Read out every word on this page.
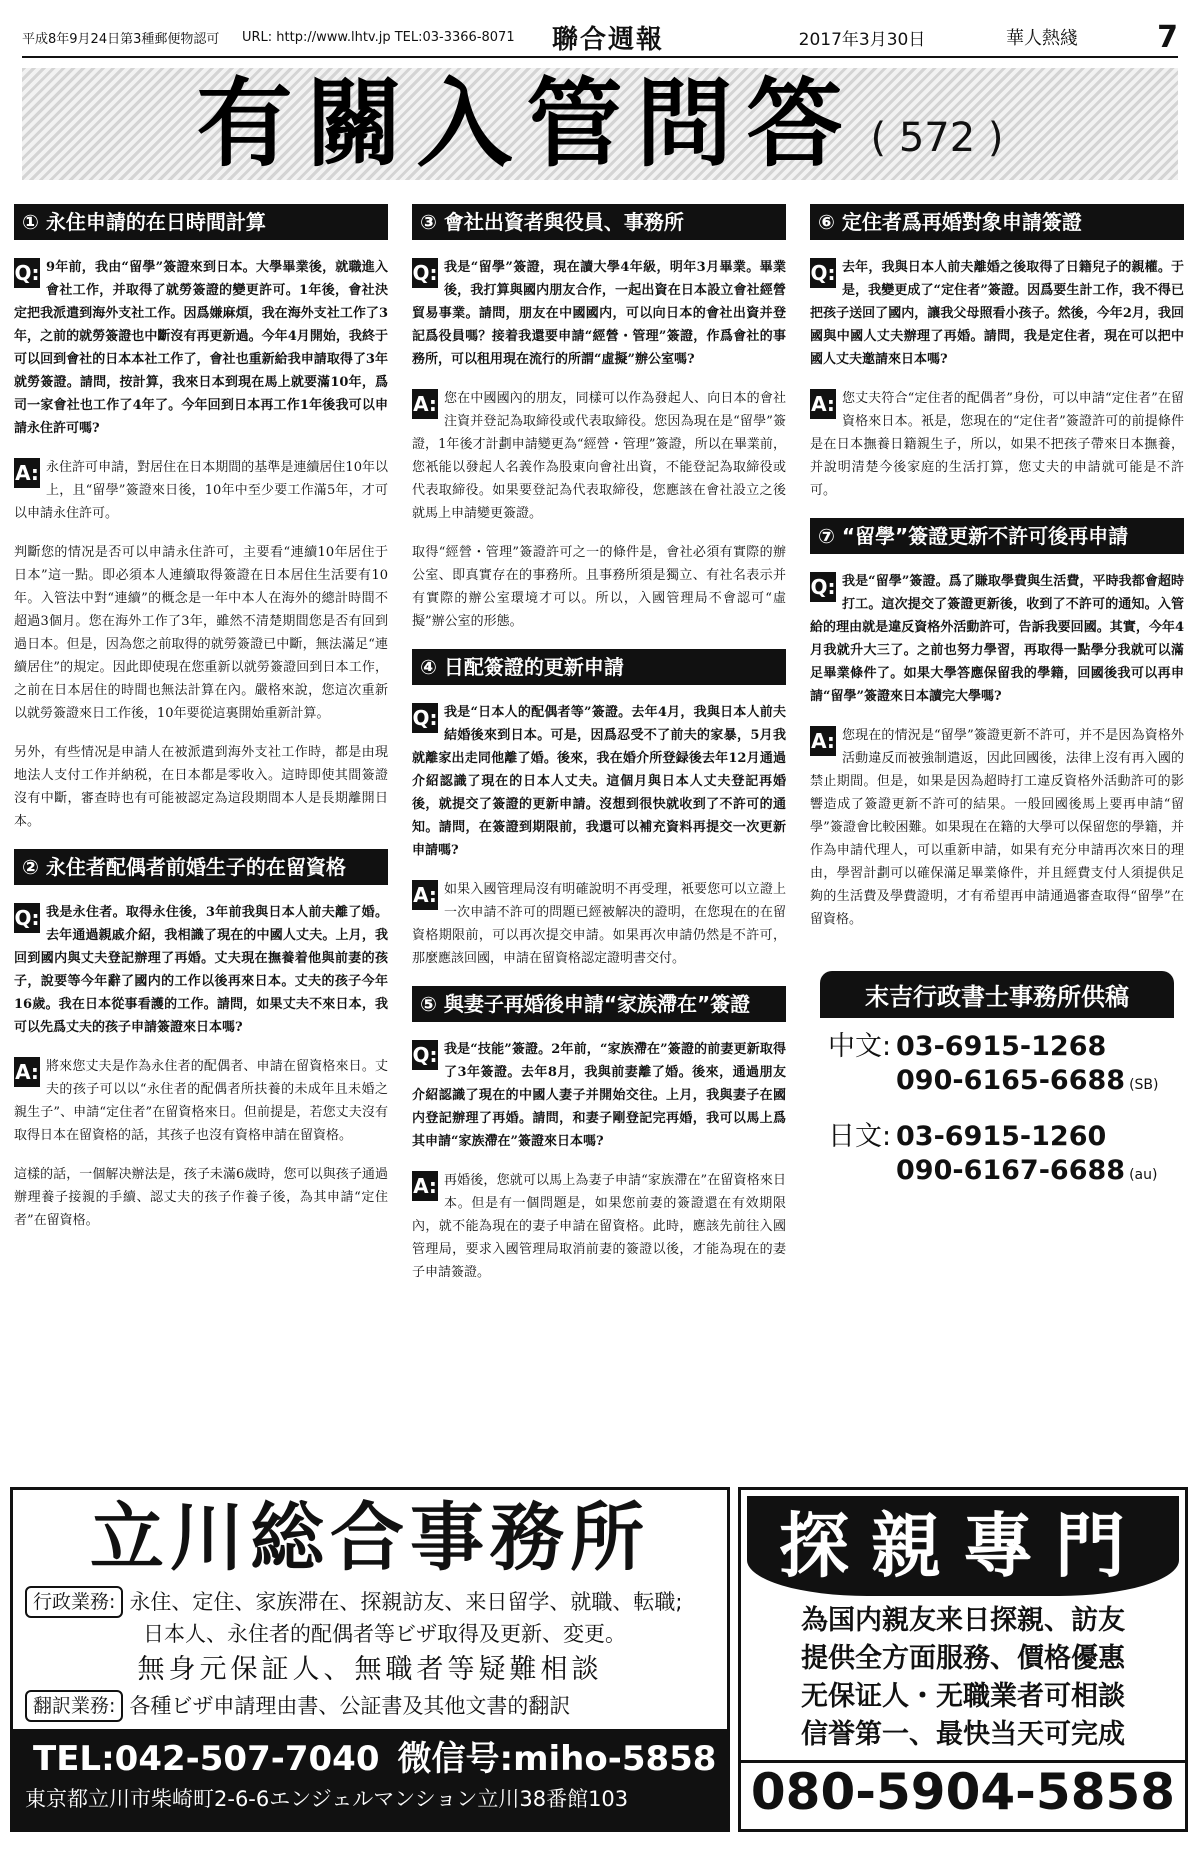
平成8年9月24日第3種郵便物認可	URL: http://www.lhtv.jp TEL:03-3366-8071	聯合週報	2017年3月30日	華人熱綫	7
有關入管問答 ( 572 )
① 永住申請的在日時間計算
Q: 9年前，我由“留學”簽證來到日本。大學畢業後，就職進入會社工作，并取得了就勞簽證的變更許可。1年後，會社決定把我派遣到海外支社工作。因爲嫌麻煩，我在海外支社工作了3年，之前的就勞簽證也中斷沒有再更新過。今年4月開始，我終于可以回到會社的日本本社工作了，會社也重新給我申請取得了3年就勞簽證。請問，按計算，我來日本到現在馬上就要滿10年，爲司一家會社也工作了4年了。今年回到日本再工作1年後我可以申請永住許可嗎?
A: 永住許可申請，對居住在日本期間的基準是連續居住10年以上，且“留學”簽證來日後，10年中至少要工作滿5年，才可以申請永住許可。
判斷您的情况是否可以申請永住許可，主要看“連續10年居住于日本”這一點。即必須本人連續取得簽證在日本居住生活要有10年。入管法中對“連續”的概念是一年中本人在海外的總計時間不超過3個月。您在海外工作了3年，雖然不清楚期間您是否有回到過日本。但是，因為您之前取得的就勞簽證已中斷，無法滿足“連續居住”的規定。因此即使現在您重新以就勞簽證回到日本工作，之前在日本居住的時間也無法計算在內。嚴格來說，您這次重新以就勞簽證來日工作後，10年要從這裏開始重新計算。
另外，有些情况是申請人在被派遣到海外支社工作時，都是由現地法人支付工作并納税，在日本都是零收入。這時即使其間簽證沒有中斷，審查時也有可能被認定為這段期間本人是長期離開日本。
② 永住者配偶者前婚生子的在留資格
Q: 我是永住者。取得永住後，3年前我與日本人前夫離了婚。去年通過親戚介紹，我相識了現在的中國人丈夫。上月，我回到國内與丈夫登記辦理了再婚。丈夫現在撫養着他與前妻的孩子，說要等今年辭了國内的工作以後再來日本。丈夫的孩子今年16歲。我在日本從事看護的工作。請問，如果丈夫不來日本，我可以先爲丈夫的孩子申請簽證來日本嗎?
A: 將來您丈夫是作為永住者的配偶者、申請在留資格來日。丈夫的孩子可以以“永住者的配偶者所扶養的未成年且未婚之親生子”、申請“定住者”在留資格來日。但前提是，若您丈夫沒有取得日本在留資格的話，其孩子也沒有資格申請在留資格。
這樣的話，一個解决辦法是，孩子未滿6歲時，您可以與孩子通過辦理養子接親的手續、認丈夫的孩子作養子後，為其申請“定住者”在留資格。
③ 會社出資者與役員、事務所
Q: 我是“留學”簽證，現在讀大學4年級，明年3月畢業。畢業後，我打算與國内朋友合作，一起出資在日本設立會社經營貿易事業。請問，朋友在中國國内，可以向日本的會社出資并登記爲役員嗎？接着我還要申請“經營・管理”簽證，作爲會社的事務所，可以租用現在流行的所謂“虛擬”辦公室嗎?
A: 您在中國國內的朋友，同樣可以作為發起人、向日本的會社注資并登記為取締役或代表取締役。您因為現在是“留學”簽證，1年後才計劃申請變更為“經營・管理”簽證，所以在畢業前，您衹能以發起人名義作為股東向會社出資，不能登記為取締役或代表取締役。如果要登記為代表取締役，您應該在會社設立之後就馬上申請變更簽證。
取得“經營・管理”簽證許可之一的條件是，會社必須有實際的辦公室、即真實存在的事務所。且事務所須是獨立、有社名表示并有實際的辦公室環境才可以。所以，入國管理局不會認可“虛擬”辦公室的形態。
④ 日配簽證的更新申請
Q: 我是“日本人的配偶者等”簽證。去年4月，我與日本人前夫結婚後來到日本。可是，因爲忍受不了前夫的家暴，5月我就離家出走同他離了婚。後來，我在婚介所登録後去年12月通過介紹認識了現在的日本人丈夫。這個月與日本人丈夫登記再婚後，就提交了簽證的更新申請。沒想到很快就收到了不許可的通知。請問，在簽證到期限前，我還可以補充資料再提交一次更新申請嗎?
A: 如果入國管理局沒有明確說明不再受理，衹要您可以立證上一次申請不許可的問題已經被解决的證明，在您現在的在留資格期限前，可以再次提交申請。如果再次申請仍然是不許可，那麼應該回國，申請在留資格認定證明書交付。
⑤ 與妻子再婚後申請“家族滯在”簽證
Q: 我是“技能”簽證。2年前，“家族滯在”簽證的前妻更新取得了3年簽證。去年8月，我與前妻離了婚。後來，通過朋友介紹認識了現在的中國人妻子并開始交往。上月，我與妻子在國内登記辦理了再婚。請問，和妻子剛登記完再婚，我可以馬上爲其申請“家族滯在”簽證來日本嗎?
A: 再婚後，您就可以馬上為妻子申請“家族滯在”在留資格來日本。但是有一個問題是，如果您前妻的簽證還在有效期限內，就不能為現在的妻子申請在留資格。此時，應該先前往入國管理局，要求入國管理局取消前妻的簽證以後，才能為現在的妻子申請簽證。
⑥ 定住者爲再婚對象申請簽證
Q: 去年，我與日本人前夫離婚之後取得了日籍兒子的親權。于是，我變更成了“定住者”簽證。因爲要生計工作，我不得已把孩子送回了國内，讓我父母照看小孩子。然後，今年2月，我回國與中國人丈夫辦理了再婚。請問，我是定住者，現在可以把中國人丈夫邀請來日本嗎?
A: 您丈夫符合“定住者的配偶者”身份，可以申請“定住者”在留資格來日本。衹是，您現在的“定住者”簽證許可的前提條件是在日本撫養日籍親生子，所以，如果不把孩子帶來日本撫養，并說明清楚今後家庭的生活打算，您丈夫的申請就可能是不許可。
⑦ “留學”簽證更新不許可後再申請
Q: 我是“留學”簽證。爲了賺取學費與生活費，平時我都會超時打工。這次提交了簽證更新後，收到了不許可的通知。入管給的理由就是違反資格外活動許可，告訴我要回國。其實，今年4月我就升大三了。之前也努力學習，再取得一點學分我就可以滿足畢業條件了。如果大學答應保留我的學籍，回國後我可以再申請“留學”簽證來日本讀完大學嗎?
A: 您現在的情況是“留學”簽證更新不許可，并不是因為資格外活動違反而被強制遣返，因此回國後，法律上沒有再入國的禁止期間。但是，如果是因為超時打工違反資格外活動許可的影響造成了簽證更新不許可的結果。一般回國後馬上要再申請“留學”簽證會比較困難。如果現在在籍的大學可以保留您的學籍，并作為申請代理人，可以重新申請，如果有充分申請再次來日的理由，學習計劃可以確保滿足畢業條件，并且經費支付人須提供足夠的生活費及學費證明，才有希望再申請通過審查取得“留學”在留資格。
末吉行政書士事務所供稿
中文: 03-6915-1268
090-6165-6688 (SB)
日文: 03-6915-1260
090-6167-6688 (au)
立川総合事務所
行政業務: 永住、定住、家族滞在、探親訪友、来日留学、就職、転職;
日本人、永住者的配偶者等ビザ取得及更新、変更。
無身元保証人、無職者等疑難相談
翻訳業務: 各種ビザ申請理由書、公証書及其他文書的翻訳
TEL:042-507-7040 微信号:miho-5858
東京都立川市柴崎町2-6-6エンジェルマンション立川38番館103
探親專門
為国内親友来日探親、訪友
提供全方面服務、價格優惠
无保证人・无職業者可相談
信誉第一、最快当天可完成
080-5904-5858
